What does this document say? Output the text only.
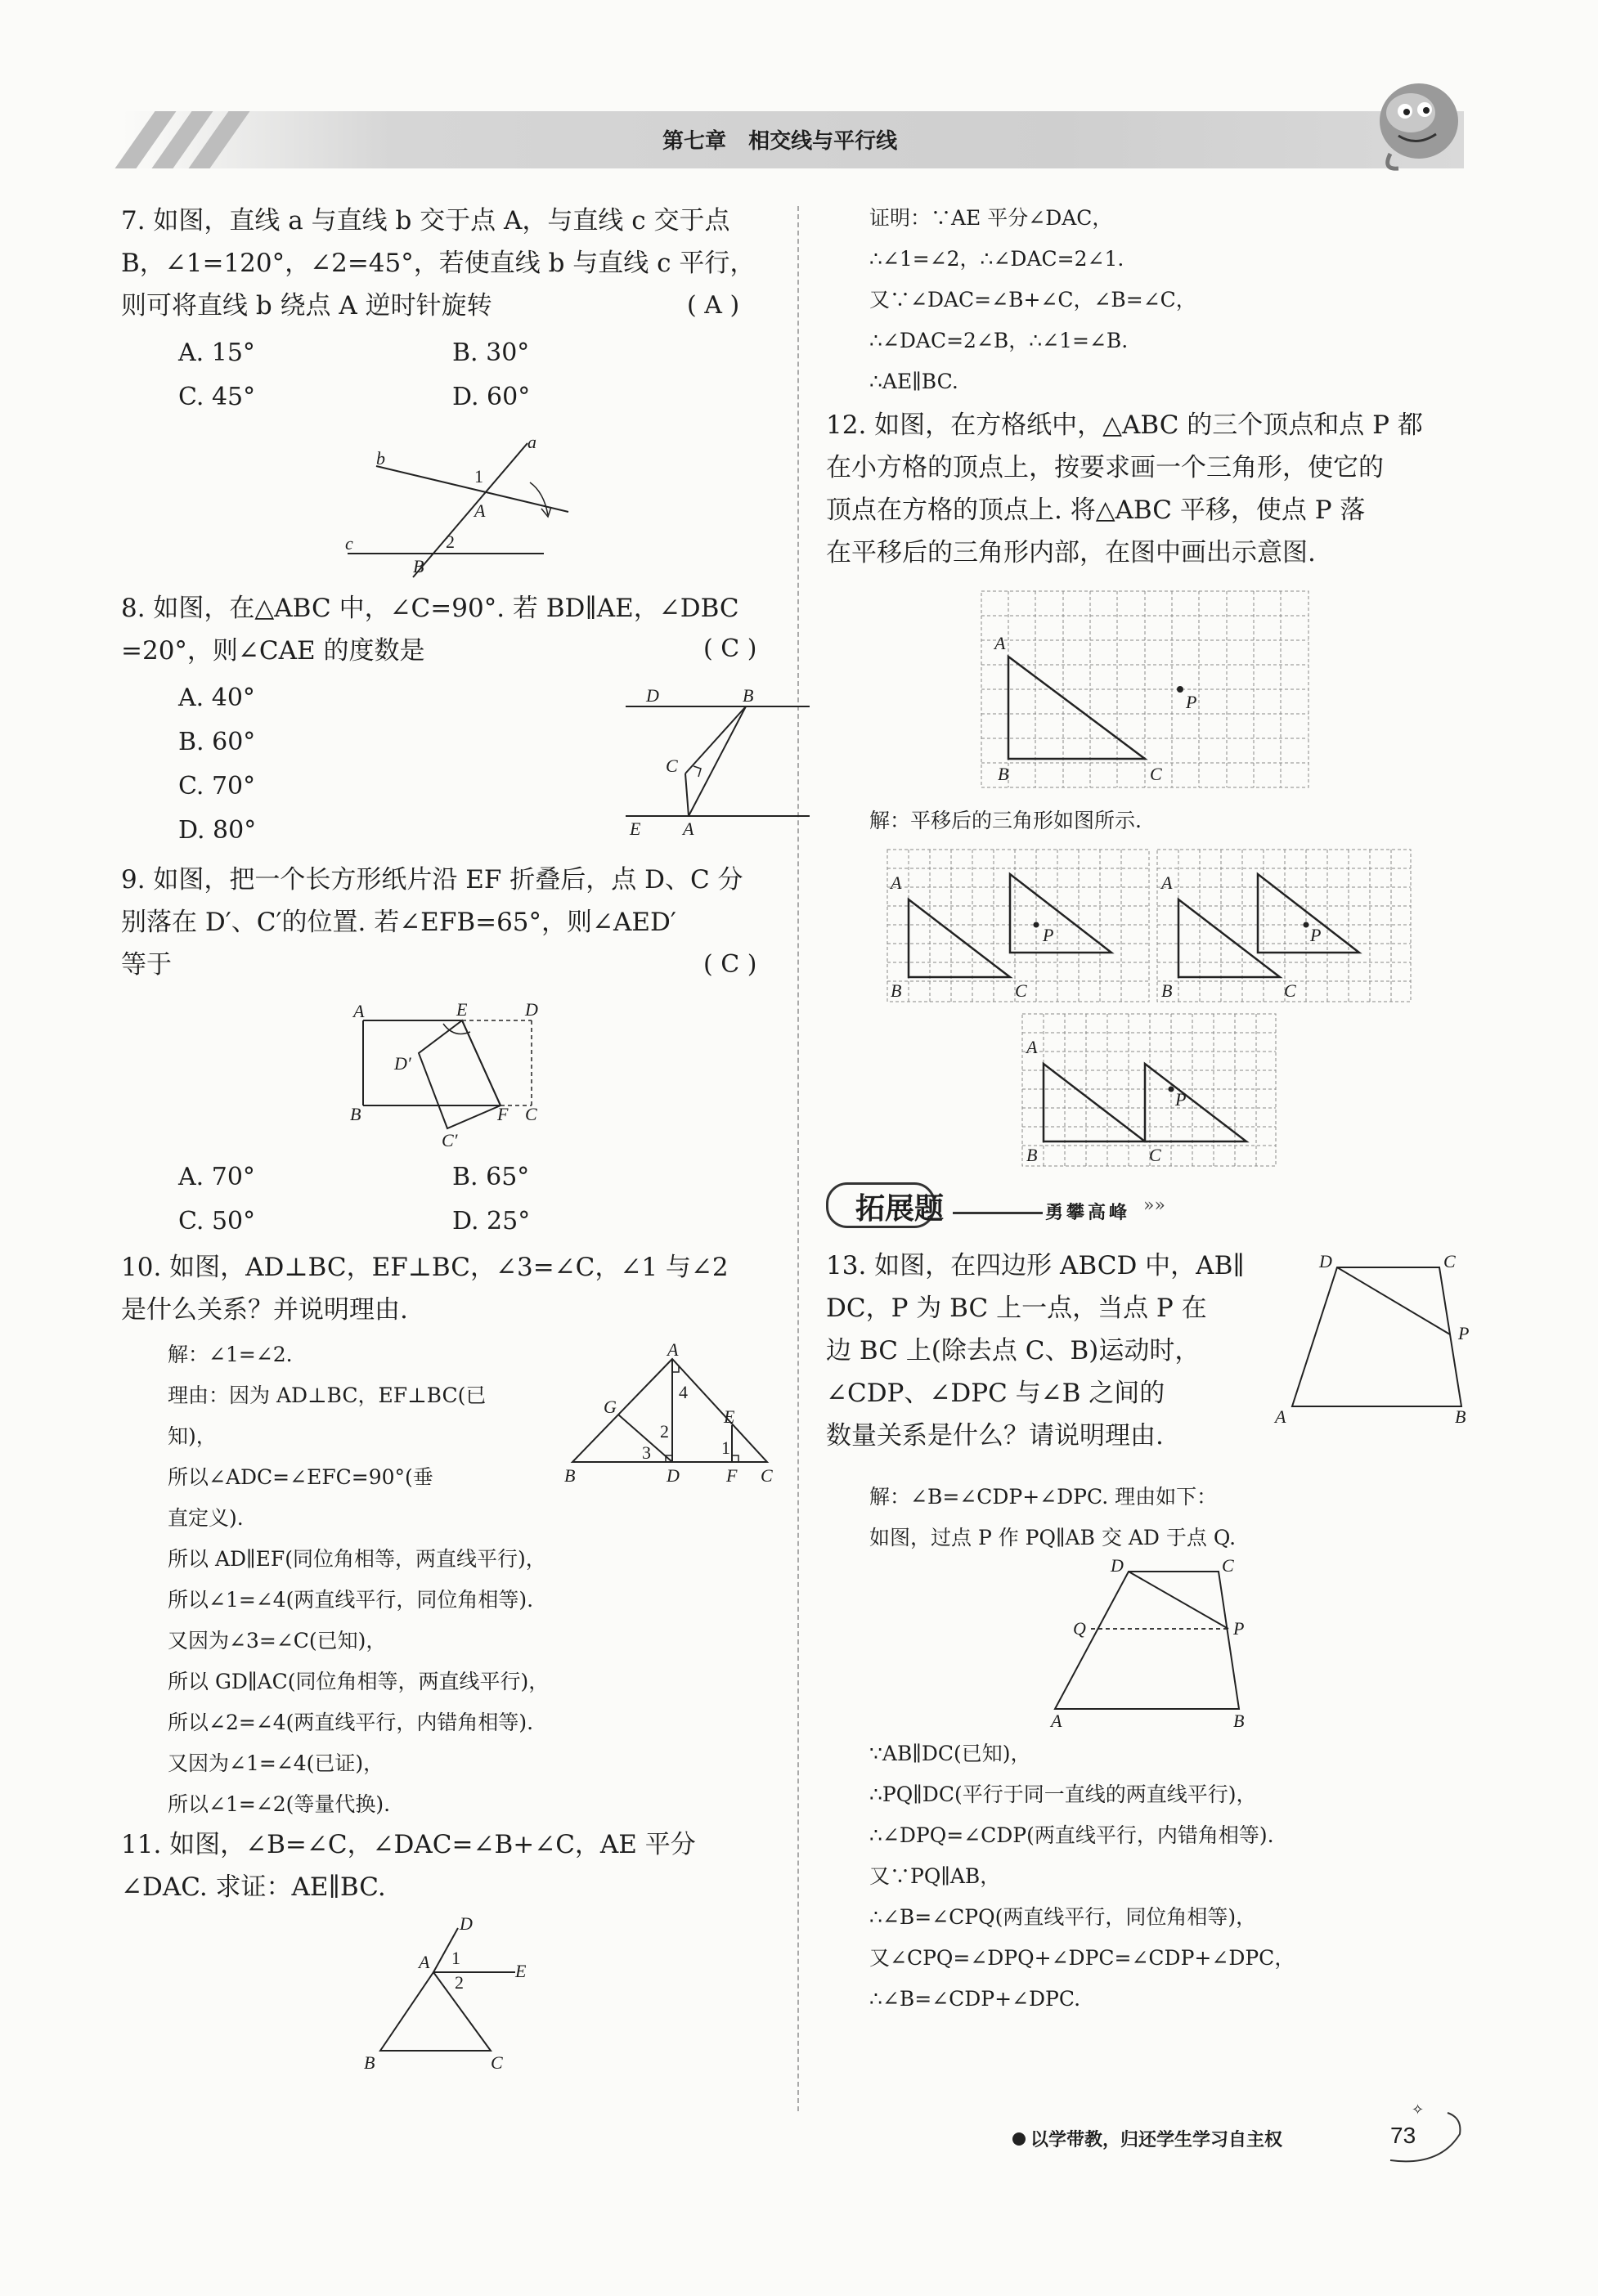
第七章 相交线与平行线
7. 如图，直线 a 与直线 b 交于点 A，与直线 c 交于点
B，∠1=120°，∠2=45°，若使直线 b 与直线 c 平行，
则可将直线 b 绕点 A 逆时针旋转	( A )
A. 15°	B. 30°
C. 45°	D. 60°
a
b
c
A
B
1
2
8. 如图，在△ABC 中，∠C=90°. 若 BD∥AE，∠DBC
=20°，则∠CAE 的度数是	( C )
A. 40°
B. 60°
C. 70°
D. 80°
D	B
C
E A
9. 如图，把一个长方形纸片沿 EF 折叠后，点 D、C 分
别落在 D′、C′的位置. 若∠EFB=65°，则∠AED′
等于	( C )
A	E	D
D′
B	F C
C′
A. 70°	B. 65°
C. 50°	D. 25°
10. 如图，AD⊥BC，EF⊥BC，∠3=∠C，∠1 与∠2
是什么关系？并说明理由.
解：∠1=∠2.
理由：因为 AD⊥BC，EF⊥BC(已
知)，
所以∠ADC=∠EFC=90°(垂
直定义).
所以 AD∥EF(同位角相等，两直线平行)，
所以∠1=∠4(两直线平行，同位角相等).
又因为∠3=∠C(已知)，
所以 GD∥AC(同位角相等，两直线平行)，
所以∠2=∠4(两直线平行，内错角相等).
又因为∠1=∠4(已证)，
所以∠1=∠2(等量代换).
A
G	E
B	D	F C
1
2
3
4
11. 如图，∠B=∠C，∠DAC=∠B+∠C，AE 平分
∠DAC. 求证：AE∥BC.
D
A	E
B	C
1
2
证明：∵AE 平分∠DAC，
∴∠1=∠2，∴∠DAC=2∠1.
又∵∠DAC=∠B+∠C，∠B=∠C，
∴∠DAC=2∠B，∴∠1=∠B.
∴AE∥BC.
12. 如图，在方格纸中，△ABC 的三个顶点和点 P 都
在小方格的顶点上，按要求画一个三角形，使它的
顶点在方格的顶点上. 将△ABC 平移，使点 P 落
在平移后的三角形内部，在图中画出示意图.
A
B	C
P
解：平移后的三角形如图所示.
A
B	C
P
A
B	C
P
A
B	C
P
拓展题	勇攀高峰 »»
13. 如图，在四边形 ABCD 中，AB∥
DC，P 为 BC 上一点，当点 P 在
边 BC 上(除去点 C、B)运动时，
∠CDP、∠DPC 与∠B 之间的
数量关系是什么？请说明理由.
D	C
P
A	B
解：∠B=∠CDP+∠DPC. 理由如下：
如图，过点 P 作 PQ∥AB 交 AD 于点 Q.
D	C
Q	P
A	B
∵AB∥DC(已知)，
∴PQ∥DC(平行于同一直线的两直线平行)，
∴∠DPQ=∠CDP(两直线平行，内错角相等).
又∵PQ∥AB，
∴∠B=∠CPQ(两直线平行，同位角相等)，
又∠CPQ=∠DPQ+∠DPC=∠CDP+∠DPC，
∴∠B=∠CDP+∠DPC.
以学带教，归还学生学习自主权	73
✧
